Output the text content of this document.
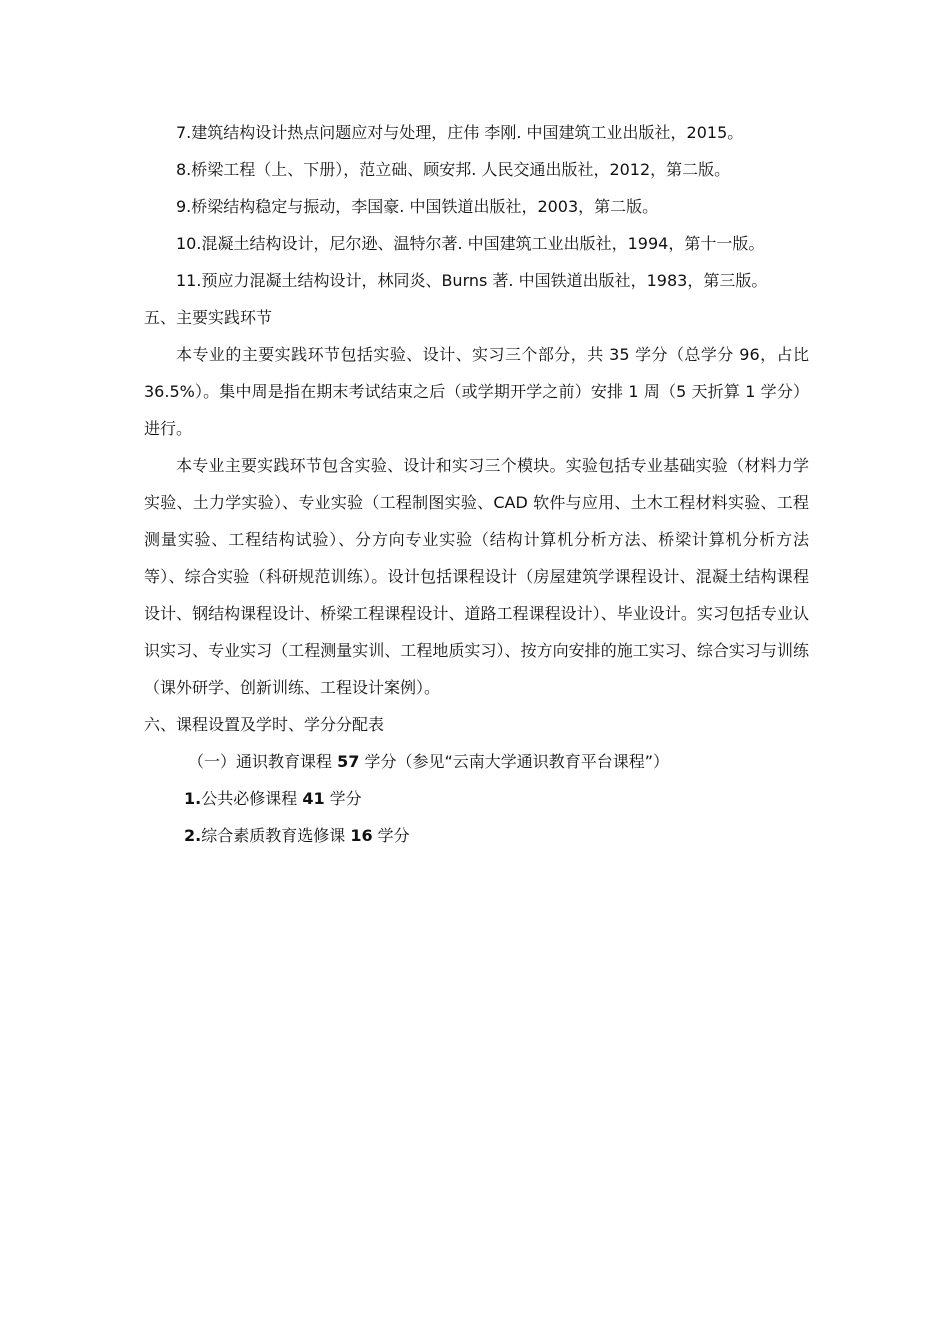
7.建筑结构设计热点问题应对与处理，庄伟 李刚. 中国建筑工业出版社，2015。

8.桥梁工程（上、下册），范立础、顾安邦. 人民交通出版社，2012，第二版。

9.桥梁结构稳定与振动，李国豪. 中国铁道出版社，2003，第二版。

10.混凝土结构设计，尼尔逊、温特尔著. 中国建筑工业出版社，1994，第十一版。

11.预应力混凝土结构设计，林同炎、Burns 著. 中国铁道出版社，1983，第三版。

五、主要实践环节

本专业的主要实践环节包括实验、设计、实习三个部分，共 35 学分（总学分 96，占比 36.5%）。集中周是指在期末考试结束之后（或学期开学之前）安排 1 周（5 天折算 1 学分）进行。

本专业主要实践环节包含实验、设计和实习三个模块。实验包括专业基础实验（材料力学实验、土力学实验）、专业实验（工程制图实验、CAD 软件与应用、土木工程材料实验、工程测量实验、工程结构试验）、分方向专业实验（结构计算机分析方法、桥梁计算机分析方法等）、综合实验（科研规范训练）。设计包括课程设计（房屋建筑学课程设计、混凝土结构课程设计、钢结构课程设计、桥梁工程课程设计、道路工程课程设计）、毕业设计。实习包括专业认识实习、专业实习（工程测量实训、工程地质实习）、按方向安排的施工实习、综合实习与训练（课外研学、创新训练、工程设计案例）。

六、课程设置及学时、学分分配表

（一）通识教育课程 57 学分（参见“云南大学通识教育平台课程”）

1.公共必修课程 41 学分

2.综合素质教育选修课 16 学分
